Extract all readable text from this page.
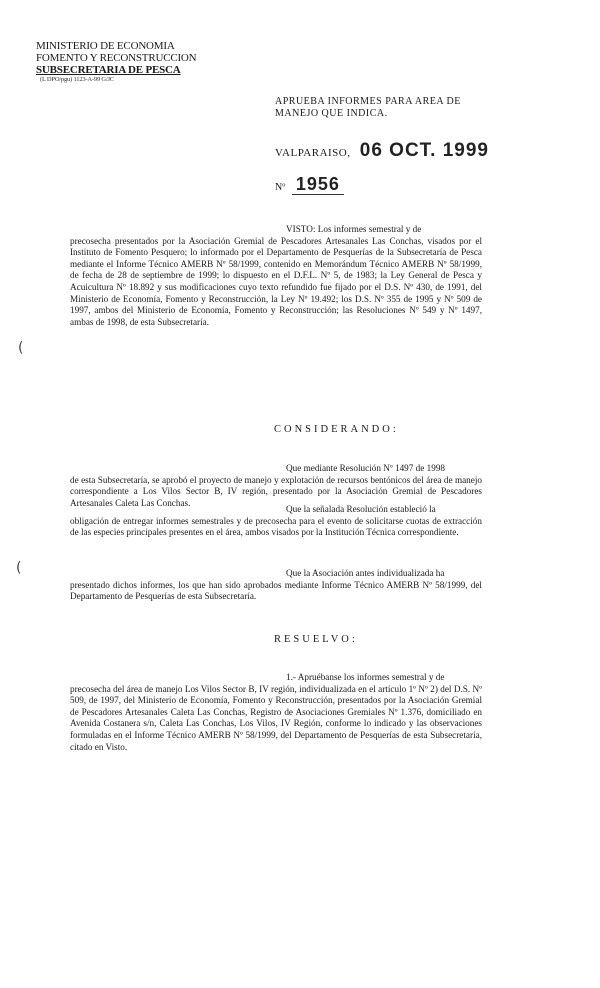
MINISTERIO DE ECONOMIA
FOMENTO Y RECONSTRUCCION
SUBSECRETARIA DE PESCA
(L DPO/pgu) 1123-A-99 G/JC
APRUEBA INFORMES PARA AREA DE
MANEJO QUE INDICA.
VALPARAISO, 06 OCT. 1999
Nº 1956
VISTO: Los informes semestral y de
precosecha presentados por la Asociación Gremial de Pescadores Artesanales Las Conchas, visados por el Instituto de Fomento Pesquero; lo informado por el Departamento de Pesquerías de la Subsecretaría de Pesca mediante el Informe Técnico AMERB Nº 58/1999, contenido en Memorándum Técnico AMERB Nº 58/1999, de fecha de 28 de septiembre de 1999; lo dispuesto en el D.F.L. Nº 5, de 1983; la Ley General de Pesca y Acuicultura Nº 18.892 y sus modificaciones cuyo texto refundido fue fijado por el D.S. Nº 430, de 1991, del Ministerio de Economía, Fomento y Reconstrucción, la Ley Nº 19.492; los D.S. Nº 355 de 1995 y Nº 509 de 1997, ambos del Ministerio de Economía, Fomento y Reconstrucción; las Resoluciones Nº 549 y Nº 1497, ambas de 1998, de esta Subsecretaría.
(
CONSIDERANDO:
Que mediante Resolución Nº 1497 de 1998
de esta Subsecretaría, se aprobó el proyecto de manejo y explotación de recursos bentónicos del área de manejo correspondiente a Los Vilos Sector B, IV región, presentado por la Asociación Gremial de Pescadores Artesanales Caleta Las Conchas.
Que la señalada Resolución estableció la
obligación de entregar informes semestrales y de precosecha para el evento de solicitarse cuotas de extracción de las especies principales presentes en el área, ambos visados por la Institución Técnica correspondiente.
(	Que la Asociación antes individualizada ha
presentado dichos informes, los que han sido aprobados mediante Informe Técnico AMERB Nº 58/1999, del Departamento de Pesquerías de esta Subsecretaría.
RESUELVO:
1.- Apruébanse los informes semestral y de
precosecha del área de manejo Los Vilos Sector B, IV región, individualizada en el artículo 1º Nº 2) del D.S. Nº 509, de 1997, del Ministerio de Economía, Fomento y Reconstrucción, presentados por la Asociación Gremial de Pescadores Artesanales Caleta Las Conchas, Registro de Asociaciones Gremiales Nº 1.376, domiciliado en Avenida Costanera s/n, Caleta Las Conchas, Los Vilos, IV Región, conforme lo indicado y las observaciones formuladas en el Informe Técnico AMERB Nº 58/1999, del Departamento de Pesquerías de esta Subsecretaría, citado en Visto.
